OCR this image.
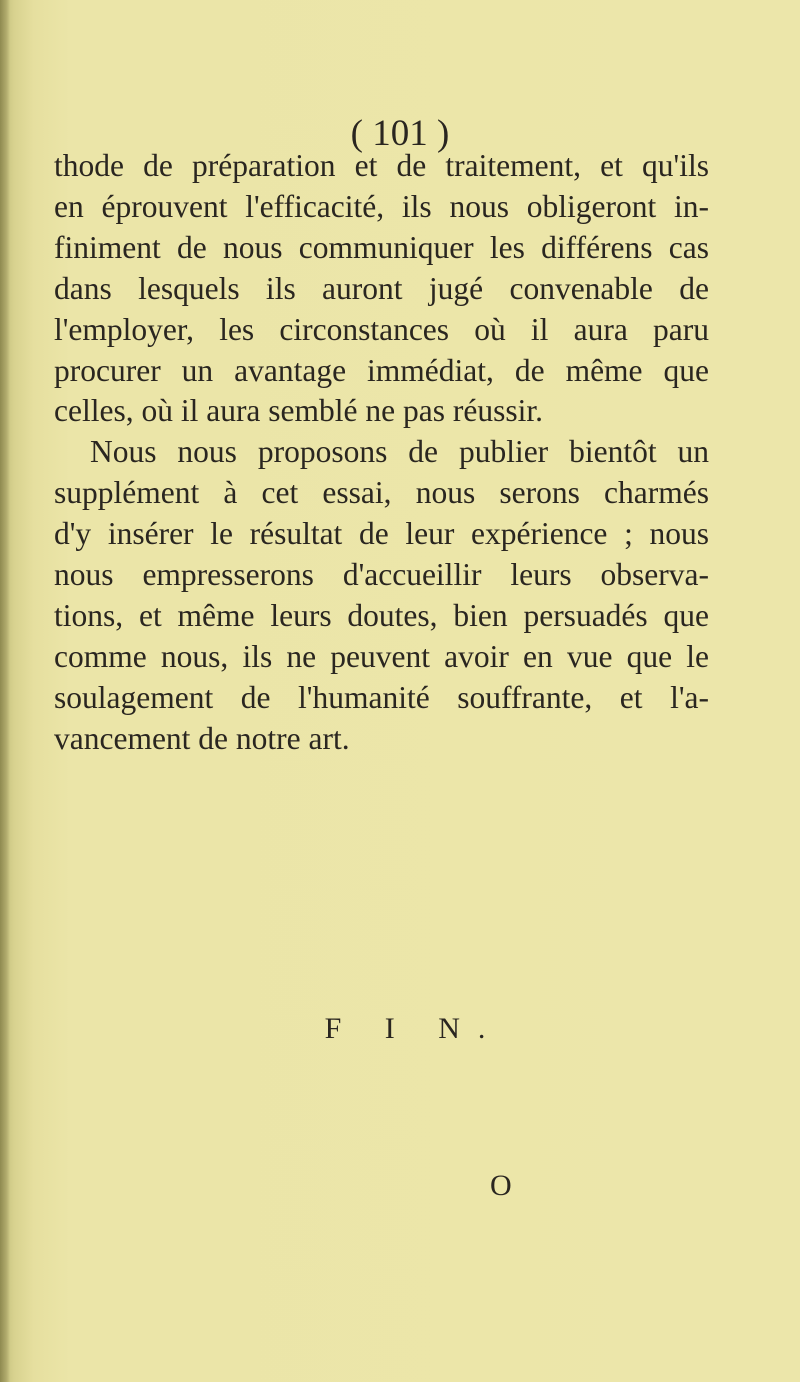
( 101 )

thode de préparation et de traitement, et qu'ils

en éprouvent l'efficacité, ils nous obligeront in-

finiment de nous communiquer les différens cas

dans lesquels ils auront jugé convenable de

l'employer, les circonstances où il aura paru

procurer un avantage immédiat, de même que

celles, où il aura semblé ne pas réussir.

Nous nous proposons de publier bientôt un

supplément à cet essai, nous serons charmés

d'y insérer le résultat de leur expérience ; nous

nous empresserons d'accueillir leurs observa-

tions, et même leurs doutes, bien persuadés que

comme nous, ils ne peuvent avoir en vue que le

soulagement de l'humanité souffrante, et l'a-

vancement de notre art.

F I N.
O
